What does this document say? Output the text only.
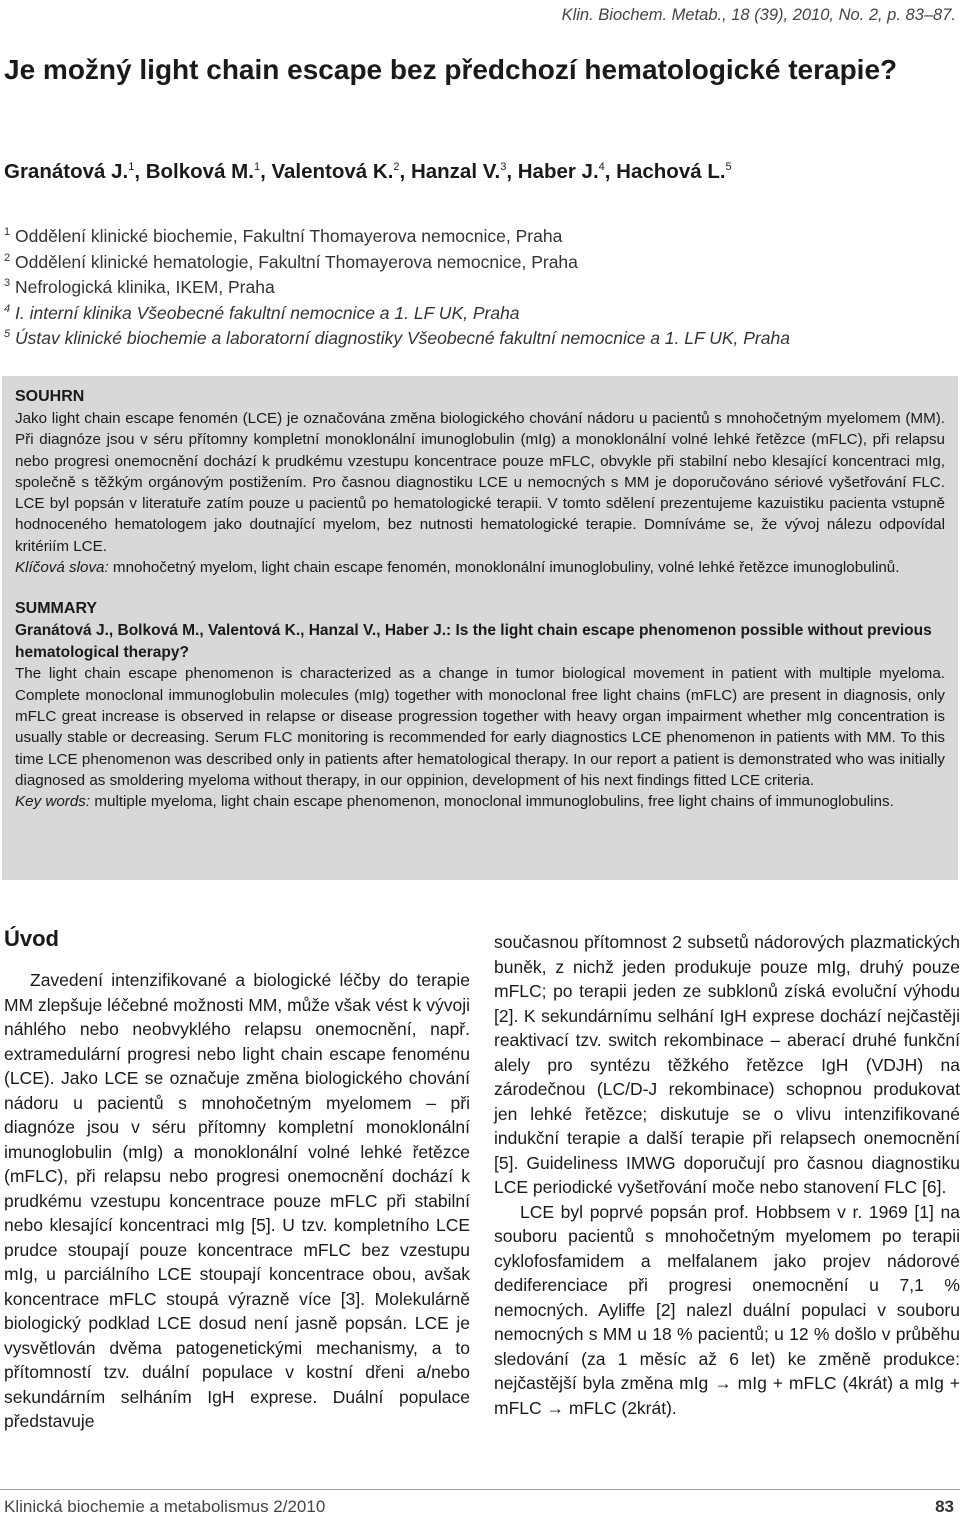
Klin. Biochem. Metab., 18 (39), 2010, No. 2, p. 83–87.
Je možný light chain escape bez předchozí hematologické terapie?

Granátová J.$^1$, Bolková M.$^1$, Valentová K.$^2$, Hanzal V.$^3$, Haber J.$^4$, Hachová L.$^5$

$^1$ Oddělení klinické biochemie, Fakultní Thomayerova nemocnice, Praha
$^2$ Oddělení klinické hematologie, Fakultní Thomayerova nemocnice, Praha
$^3$ Nefrologická klinika, IKEM, Praha
$^4$ I. interní klinika Všeobecné fakultní nemocnice a 1. LF UK, Praha
$^5$ Ústav klinické biochemie a laboratorní diagnostiky Všeobecné fakultní nemocnice a 1. LF UK, Praha
SOUHRN

Jako light chain escape fenomén (LCE) je označována změna biologického chování nádoru u pacientů s mnohočetným myelomem (MM). Při diagnóze jsou v séru přítomny kompletní monoklonální imunoglobulin (mIg) a monoklonální volné lehké řetězce (mFLC), při relapsu nebo progresi onemocnění dochází k prudkému vzestupu koncentrace pouze mFLC, obvykle při stabilní nebo klesající koncentraci mIg, společně s těžkým orgánovým postižením. Pro časnou diagnostiku LCE u nemocných s MM je doporučováno sériové vyšetřování FLC. LCE byl popsán v literatuře zatím pouze u pacientů po hematologické terapii. V tomto sdělení prezentujeme kazuistiku pacienta vstupně hodnoceného hematologem jako doutnající myelom, bez nutnosti hematologické terapie. Domníváme se, že vývoj nálezu odpovídal kritériím LCE.

Klíčová slova: mnohočetný myelom, light chain escape fenomén, monoklonální imunoglobuliny, volné lehké řetězce imunoglobulinů.

SUMMARY

Granátová J., Bolková M., Valentová K., Hanzal V., Haber J.: Is the light chain escape phenomenon possible without previous hematological therapy?

The light chain escape phenomenon is characterized as a change in tumor biological movement in patient with multiple myeloma. Complete monoclonal immunoglobulin molecules (mIg) together with monoclonal free light chains (mFLC) are present in diagnosis, only mFLC great increase is observed in relapse or disease progression together with heavy organ impairment whether mIg concentration is usually stable or decreasing. Serum FLC monitoring is recommended for early diagnostics LCE phenomenon in patients with MM. To this time LCE phenomenon was described only in patients after hematological therapy. In our report a patient is demonstrated who was initially diagnosed as smoldering myeloma without therapy, in our oppinion, development of his next findings fitted LCE criteria.

Key words: multiple myeloma, light chain escape phenomenon, monoclonal immunoglobulins, free light chains of immunoglobulins.

Úvod

Zavedení intenzifikované a biologické léčby do terapie MM zlepšuje léčebné možnosti MM, může však vést k vývoji náhlého nebo neobvyklého relapsu onemocnění, např. extramedulární progresi nebo light chain escape fenoménu (LCE). Jako LCE se označuje změna biologického chování nádoru u pacientů s mnohočetným myelomem – při diagnóze jsou v séru přítomny kompletní monoklonální imunoglobulin (mIg) a monoklonální volné lehké řetězce (mFLC), při relapsu nebo progresi onemocnění dochází k prudkému vzestupu koncentrace pouze mFLC při stabilní nebo klesající koncentraci mIg [5]. U tzv. kompletního LCE prudce stoupají pouze koncentrace mFLC bez vzestupu mIg, u parciálního LCE stoupají koncentrace obou, avšak koncentrace mFLC stoupá výrazně více [3]. Molekulárně biologický podklad LCE dosud není jasně popsán. LCE je vysvětlován dvěma patogenetickými mechanismy, a to přítomností tzv. duální populace v kostní dřeni a/nebo sekundárním selháním IgH exprese. Duální populace představuje

současnou přítomnost 2 subsetů nádorových plazmatických buněk, z nichž jeden produkuje pouze mIg, druhý pouze mFLC; po terapii jeden ze subklonů získá evoluční výhodu [2]. K sekundárnímu selhání IgH exprese dochází nejčastěji reaktivací tzv. switch rekombinace – aberací druhé funkční alely pro syntézu těžkého řetězce IgH (VDJH) na zárodečnou (LC/D-J rekombinace) schopnou produkovat jen lehké řetězce; diskutuje se o vlivu intenzifikované indukční terapie a další terapie při relapsech onemocnění [5]. Guideliness IMWG doporučují pro časnou diagnostiku LCE periodické vyšetřování moče nebo stanovení FLC [6].

LCE byl poprvé popsán prof. Hobbsem v r. 1969 [1] na souboru pacientů s mnohočetným myelomem po terapii cyklofosfamidem a melfalanem jako projev nádorové dediferenciace při progresi onemocnění u 7,1 % nemocných. Ayliffe [2] nalezl duální populaci v souboru nemocných s MM u 18 % pacientů; u 12 % došlo v průběhu sledování (za 1 měsíc až 6 let) ke změně produkce: nejčastější byla změna mIg → mIg + mFLC (4krát) a mIg + mFLC → mFLC (2krát).

Klinická biochemie a metabolismus 2/2010	83
